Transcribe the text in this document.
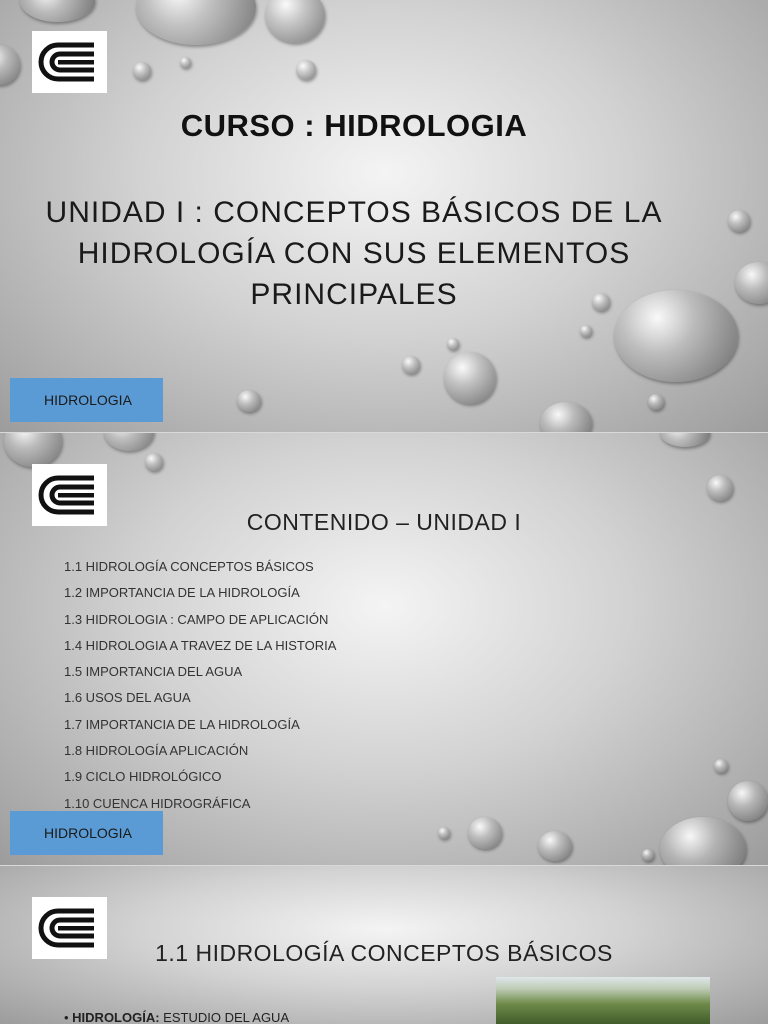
CURSO : HIDROLOGIA
UNIDAD I : CONCEPTOS BÁSICOS DE LA HIDROLOGÍA CON SUS ELEMENTOS PRINCIPALES
HIDROLOGIA
CONTENIDO – UNIDAD I
1.1 HIDROLOGÍA CONCEPTOS BÁSICOS
1.2 IMPORTANCIA DE LA HIDROLOGÍA
1.3 HIDROLOGIA : CAMPO DE APLICACIÓN
1.4 HIDROLOGIA A TRAVEZ DE LA HISTORIA
1.5 IMPORTANCIA DEL AGUA
1.6 USOS DEL AGUA
1.7 IMPORTANCIA DE LA HIDROLOGÍA
1.8 HIDROLOGÍA APLICACIÓN
1.9 CICLO HIDROLÓGICO
1.10 CUENCA HIDROGRÁFICA
HIDROLOGIA
1.1 HIDROLOGÍA CONCEPTOS BÁSICOS
• HIDROLOGÍA: ESTUDIO DEL AGUA
